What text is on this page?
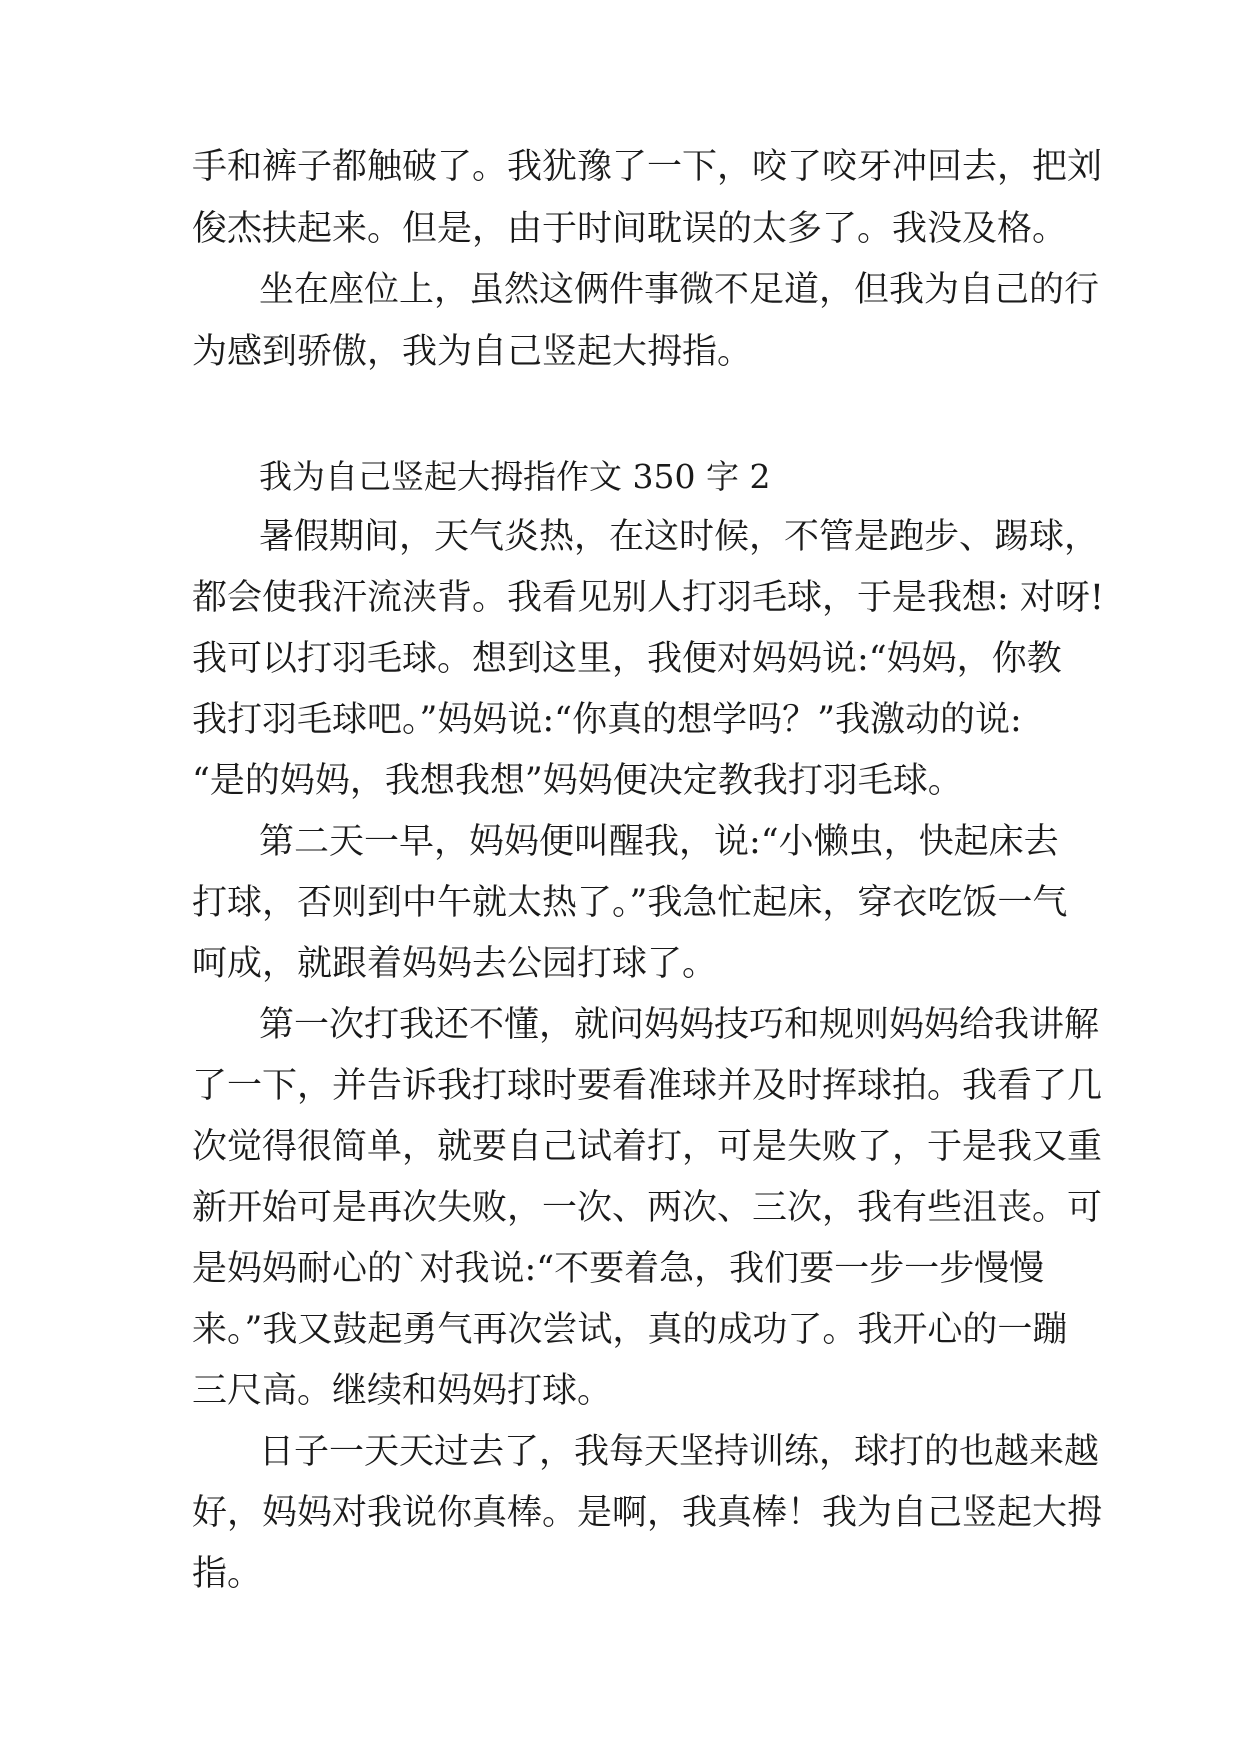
手和裤子都触破了。我犹豫了一下，咬了咬牙冲回去，把刘
俊杰扶起来。但是，由于时间耽误的太多了。我没及格。
坐在座位上，虽然这俩件事微不足道，但我为自己的行
为感到骄傲，我为自己竖起大拇指。
我为自己竖起大拇指作文 350 字 2
暑假期间，天气炎热，在这时候，不管是跑步、踢球，
都会使我汗流浃背。我看见别人打羽毛球，于是我想: 对呀!
我可以打羽毛球。想到这里，我便对妈妈说:“妈妈，你教
我打羽毛球吧。”妈妈说:“你真的想学吗？”我激动的说:
“是的妈妈，我想我想”妈妈便决定教我打羽毛球。
第二天一早，妈妈便叫醒我，说:“小懒虫，快起床去
打球，否则到中午就太热了。”我急忙起床，穿衣吃饭一气
呵成，就跟着妈妈去公园打球了。
第一次打我还不懂，就问妈妈技巧和规则妈妈给我讲解
了一下，并告诉我打球时要看准球并及时挥球拍。我看了几
次觉得很简单，就要自己试着打，可是失败了，于是我又重
新开始可是再次失败，一次、两次、三次，我有些沮丧。可
是妈妈耐心的`对我说:“不要着急，我们要一步一步慢慢
来。”我又鼓起勇气再次尝试，真的成功了。我开心的一蹦
三尺高。继续和妈妈打球。
日子一天天过去了，我每天坚持训练，球打的也越来越
好，妈妈对我说你真棒。是啊，我真棒！我为自己竖起大拇
指。
